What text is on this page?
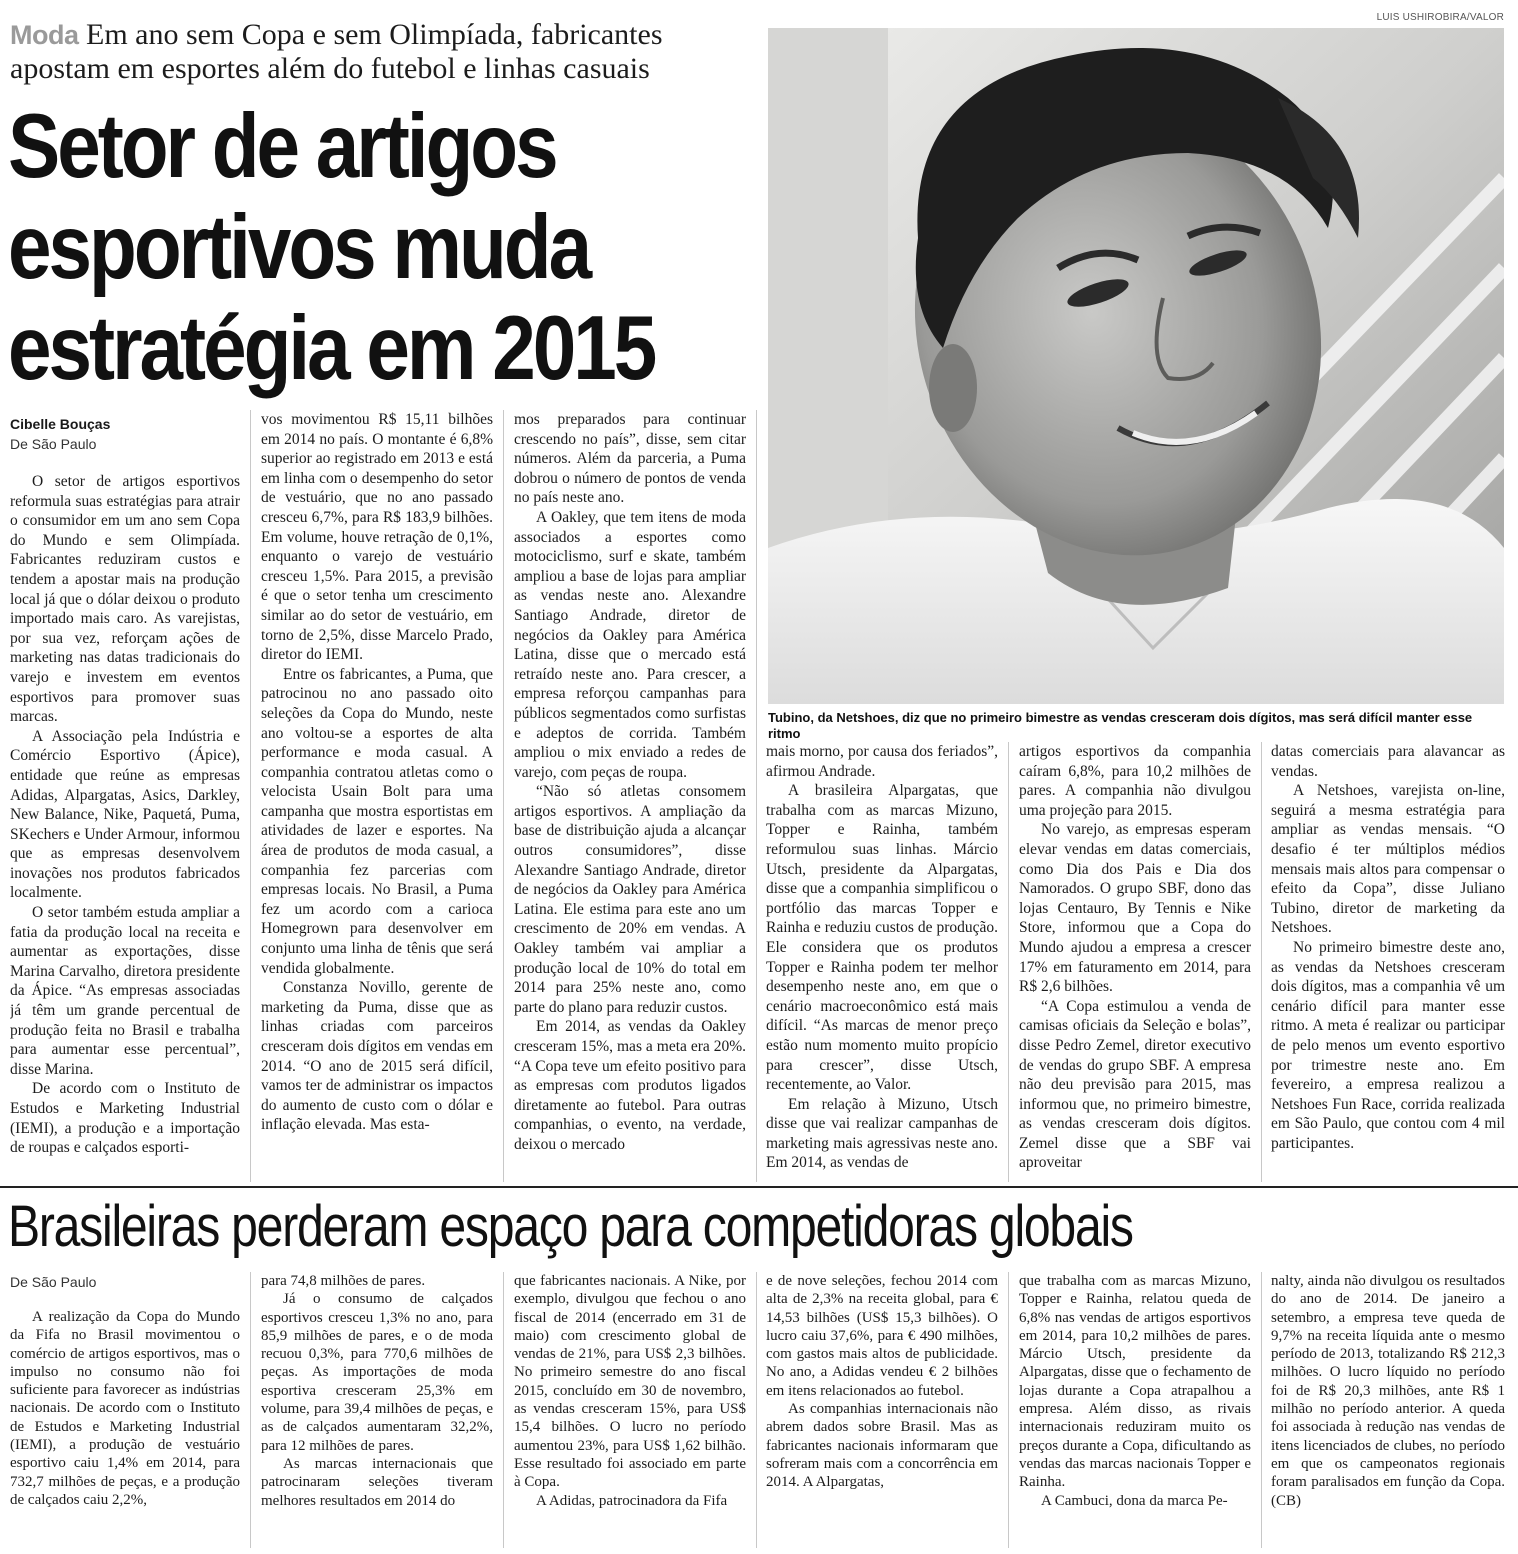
Moda Em ano sem Copa e sem Olimpíada, fabricantes
apostam em esportes além do futebol e linhas casuais
Setor de artigos
esportivos muda
estratégia em 2015
LUIS USHIROBIRA/VALOR
Tubino, da Netshoes, diz que no primeiro bimestre as vendas cresceram dois dígitos, mas será difícil manter esse ritmo
Cibelle Bouças
De São Paulo

O setor de artigos esportivos reformula suas estratégias para atrair o consumidor em um ano sem Copa do Mundo e sem Olimpíada. Fabricantes reduziram custos e tendem a apostar mais na produção local já que o dólar deixou o produto importado mais caro. As varejistas, por sua vez, reforçam ações de marketing nas datas tradicionais do varejo e investem em eventos esportivos para promover suas marcas.

A Associação pela Indústria e Comércio Esportivo (Ápice), entidade que reúne as empresas Adidas, Alpargatas, Asics, Darkley, New Balance, Nike, Paquetá, Puma, SKechers e Under Armour, informou que as empresas desenvolvem inovações nos produtos fabricados localmente.

O setor também estuda ampliar a fatia da produção local na receita e aumentar as exportações, disse Marina Carvalho, diretora presidente da Ápice. “As empresas associadas já têm um grande percentual de produção feita no Brasil e trabalha para aumentar esse percentual”, disse Marina.

De acordo com o Instituto de Estudos e Marketing Industrial (IEMI), a produção e a importação de roupas e calçados esporti-

vos movimentou R$ 15,11 bilhões em 2014 no país. O montante é 6,8% superior ao registrado em 2013 e está em linha com o desempenho do setor de vestuário, que no ano passado cresceu 6,7%, para R$ 183,9 bilhões. Em volume, houve retração de 0,1%, enquanto o varejo de vestuário cresceu 1,5%. Para 2015, a previsão é que o setor tenha um crescimento similar ao do setor de vestuário, em torno de 2,5%, disse Marcelo Prado, diretor do IEMI.

Entre os fabricantes, a Puma, que patrocinou no ano passado oito seleções da Copa do Mundo, neste ano voltou-se a esportes de alta performance e moda casual. A companhia contratou atletas como o velocista Usain Bolt para uma campanha que mostra esportistas em atividades de lazer e esportes. Na área de produtos de moda casual, a companhia fez parcerias com empresas locais. No Brasil, a Puma fez um acordo com a carioca Homegrown para desenvolver em conjunto uma linha de tênis que será vendida globalmente.

Constanza Novillo, gerente de marketing da Puma, disse que as linhas criadas com parceiros cresceram dois dígitos em vendas em 2014. “O ano de 2015 será difícil, vamos ter de administrar os impactos do aumento de custo com o dólar e inflação elevada. Mas esta-

mos preparados para continuar crescendo no país”, disse, sem citar números. Além da parceria, a Puma dobrou o número de pontos de venda no país neste ano.

A Oakley, que tem itens de moda associados a esportes como motociclismo, surf e skate, também ampliou a base de lojas para ampliar as vendas neste ano. Alexandre Santiago Andrade, diretor de negócios da Oakley para América Latina, disse que o mercado está retraído neste ano. Para crescer, a empresa reforçou campanhas para públicos segmentados como surfistas e adeptos de corrida. Também ampliou o mix enviado a redes de varejo, com peças de roupa.

“Não só atletas consomem artigos esportivos. A ampliação da base de distribuição ajuda a alcançar outros consumidores”, disse Alexandre Santiago Andrade, diretor de negócios da Oakley para América Latina. Ele estima para este ano um crescimento de 20% em vendas. A Oakley também vai ampliar a produção local de 10% do total em 2014 para 25% neste ano, como parte do plano para reduzir custos.

Em 2014, as vendas da Oakley cresceram 15%, mas a meta era 20%. “A Copa teve um efeito positivo para as empresas com produtos ligados diretamente ao futebol. Para outras companhias, o evento, na verdade, deixou o mercado

mais morno, por causa dos feriados”, afirmou Andrade.

A brasileira Alpargatas, que trabalha com as marcas Mizuno, Topper e Rainha, também reformulou suas linhas. Márcio Utsch, presidente da Alpargatas, disse que a companhia simplificou o portfólio das marcas Topper e Rainha e reduziu custos de produção. Ele considera que os produtos Topper e Rainha podem ter melhor desempenho neste ano, em que o cenário macroeconômico está mais difícil. “As marcas de menor preço estão num momento muito propício para crescer”, disse Utsch, recentemente, ao Valor.

Em relação à Mizuno, Utsch disse que vai realizar campanhas de marketing mais agressivas neste ano. Em 2014, as vendas de

artigos esportivos da companhia caíram 6,8%, para 10,2 milhões de pares. A companhia não divulgou uma projeção para 2015.

No varejo, as empresas esperam elevar vendas em datas comerciais, como Dia dos Pais e Dia dos Namorados. O grupo SBF, dono das lojas Centauro, By Tennis e Nike Store, informou que a Copa do Mundo ajudou a empresa a crescer 17% em faturamento em 2014, para R$ 2,6 bilhões.

“A Copa estimulou a venda de camisas oficiais da Seleção e bolas”, disse Pedro Zemel, diretor executivo de vendas do grupo SBF. A empresa não deu previsão para 2015, mas informou que, no primeiro bimestre, as vendas cresceram dois dígitos. Zemel disse que a SBF vai aproveitar

datas comerciais para alavancar as vendas.

A Netshoes, varejista on-line, seguirá a mesma estratégia para ampliar as vendas mensais. “O desafio é ter múltiplos médios mensais mais altos para compensar o efeito da Copa”, disse Juliano Tubino, diretor de marketing da Netshoes.

No primeiro bimestre deste ano, as vendas da Netshoes cresceram dois dígitos, mas a companhia vê um cenário difícil para manter esse ritmo. A meta é realizar ou participar de pelo menos um evento esportivo por trimestre neste ano. Em fevereiro, a empresa realizou a Netshoes Fun Race, corrida realizada em São Paulo, que contou com 4 mil participantes.

Brasileiras perderam espaço para competidoras globais
De São Paulo

A realização da Copa do Mundo da Fifa no Brasil movimentou o comércio de artigos esportivos, mas o impulso no consumo não foi suficiente para favorecer as indústrias nacionais. De acordo com o Instituto de Estudos e Marketing Industrial (IEMI), a produção de vestuário esportivo caiu 1,4% em 2014, para 732,7 milhões de peças, e a produção de calçados caiu 2,2%,

para 74,8 milhões de pares.

Já o consumo de calçados esportivos cresceu 1,3% no ano, para 85,9 milhões de pares, e o de moda recuou 0,3%, para 770,6 milhões de peças. As importações de moda esportiva cresceram 25,3% em volume, para 39,4 milhões de peças, e as de calçados aumentaram 32,2%, para 12 milhões de pares.

As marcas internacionais que patrocinaram seleções tiveram melhores resultados em 2014 do

que fabricantes nacionais. A Nike, por exemplo, divulgou que fechou o ano fiscal de 2014 (encerrado em 31 de maio) com crescimento global de vendas de 21%, para US$ 2,3 bilhões. No primeiro semestre do ano fiscal 2015, concluído em 30 de novembro, as vendas cresceram 15%, para US$ 15,4 bilhões. O lucro no período aumentou 23%, para US$ 1,62 bilhão. Esse resultado foi associado em parte à Copa.

A Adidas, patrocinadora da Fifa

e de nove seleções, fechou 2014 com alta de 2,3% na receita global, para € 14,53 bilhões (US$ 15,3 bilhões). O lucro caiu 37,6%, para € 490 milhões, com gastos mais altos de publicidade. No ano, a Adidas vendeu € 2 bilhões em itens relacionados ao futebol.

As companhias internacionais não abrem dados sobre Brasil. Mas as fabricantes nacionais informaram que sofreram mais com a concorrência em 2014. A Alpargatas,

que trabalha com as marcas Mizuno, Topper e Rainha, relatou queda de 6,8% nas vendas de artigos esportivos em 2014, para 10,2 milhões de pares. Márcio Utsch, presidente da Alpargatas, disse que o fechamento de lojas durante a Copa atrapalhou a empresa. Além disso, as rivais internacionais reduziram muito os preços durante a Copa, dificultando as vendas das marcas nacionais Topper e Rainha.

A Cambuci, dona da marca Pe-

nalty, ainda não divulgou os resultados do ano de 2014. De janeiro a setembro, a empresa teve queda de 9,7% na receita líquida ante o mesmo período de 2013, totalizando R$ 212,3 milhões. O lucro líquido no período foi de R$ 20,3 milhões, ante R$ 1 milhão no período anterior. A queda foi associada à redução nas vendas de itens licenciados de clubes, no período em que os campeonatos regionais foram paralisados em função da Copa. (CB)
